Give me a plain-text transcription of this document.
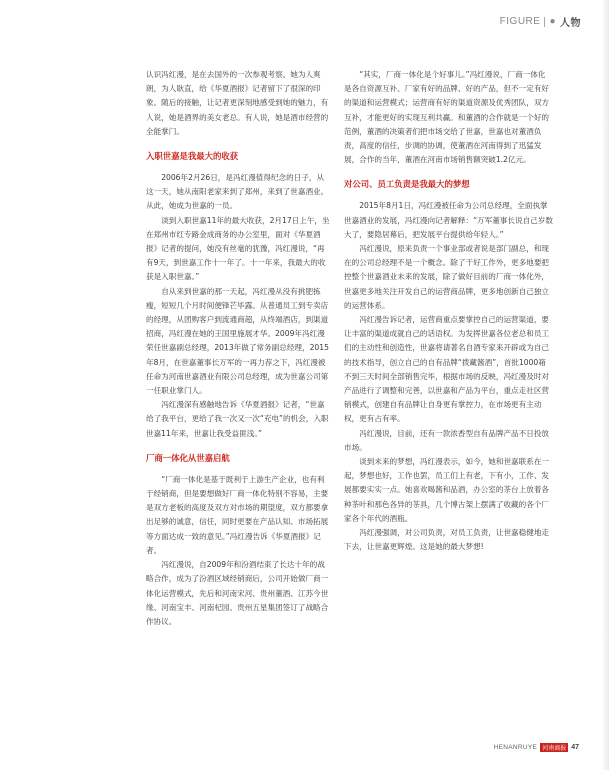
FIGURE ● 人物

认识冯红漫，是在去国外的一次参观考察。她为人爽朗，为人耿直，给《华夏酒报》记者留下了很深的印象。随后的接触，让记者更深刻地感受到她的魅力，有人说，她是酒界的美女老总。有人说，她是酒市经营的全能掌门。

入职世嘉是我最大的收获

2006年2月26日，是冯红漫值得纪念的日子，从这一天，她从南阳老家来到了郑州，来到了世嘉酒业。从此，她成为世嘉的一员。

谈到入职世嘉11年的最大收获，2月17日上午，坐在郑州市红专路金成商务的办公室里，面对《华夏酒报》记者的提问，她没有丝毫的犹豫，冯红漫说，“再有9天，到世嘉工作十一年了。十一年来，我最大的收获是入职世嘉。”

自从来到世嘉的那一天起，冯红漫从没有挑肥拣瘦，短短几个月时间便锋芒毕露。从普通员工到专卖店的经理，从团购客户到流通商超，从终端酒店，到渠道招商，冯红漫在她的王国里施展才华。2009年冯红漫荣任世嘉副总经理，2013年做了常务副总经理，2015年8月，在世嘉董事长万军的一再力荐之下，冯红漫被任命为河南世嘉酒业有限公司总经理，成为世嘉公司第一任职业掌门人。

冯红漫深有感触地告诉《华夏酒报》记者，“世嘉给了我平台，更给了我一次又一次“充电”的机会，入职世嘉11年来，世嘉让我受益匪浅。”

厂商一体化从世嘉启航

“厂商一体化是基于既利于上游生产企业，也有利于经销商，但是要想做好厂商一体化特别不容易，主要是双方老板的高度及双方对市场的期望度，双方都要拿出足够的诚意，信任，同时更要在产品认知、市场拓展等方面达成一致的意见。”冯红漫告诉《华夏酒报》记者。

冯红漫说，自2009年和汾酒结束了长达十年的战略合作，成为了汾酒区域经销商后，公司开始做厂商一体化运营模式，先后和河南宋河、贵州董酒、江苏今世缘、河南宝丰、河南杞园、贵州五星集团签订了战略合作协议。

“其实，厂商一体化是个好事儿。”冯红漫说，厂商一体化是各自资源互补、厂家有好的品牌、好的产品，但不一定有好的渠道和运营模式；运营商有好的渠道资源及优秀团队，双方互补，才能更好的实现互利共赢。和董酒的合作就是一个好的范例，董酒的决策者们把市场交给了世嘉，世嘉也对董酒负责，高度的信任，步调的协调，使董酒在河南得到了迅猛发展，合作的当年，董酒在河南市场销售额突破1.2亿元。

对公司、员工负责是我最大的梦想

2015年8月1日，冯红漫被任命为公司总经理，全面执掌世嘉酒业的发展，冯红漫向记者解释：“万军董事长说自己岁数大了，要隐居幕后，把发展平台提供给年轻人。”

冯红漫说，原来负责一个事业部或者说是部门副总，和现在的公司总经理不是一个概念。除了干好工作外，更多地要把控整个世嘉酒业未来的发展，除了做好目前的厂商一体化外，世嘉更多地关注开发自己的运营商品牌，更多地创新自己独立的运营体系。

冯红漫告诉记者，运营商重点要掌控自己的运营渠道，要让丰富的渠道成就自己的话语权。为发挥世嘉各位老总和员工们的主动性和创造性，世嘉将请著名自酒专家来开辟或为自己的技术指导，创立自己的自有品牌“拨藏酱酒”，首批1000箱不到三天时间全部销售完毕，根据市场的反映，冯红漫及时对产品进行了调整和完善，以世嘉和产品为平台，重点走社区营销模式，创建自有品牌让自身更有掌控力，在市场更有主动权，更有占有率。

冯红漫说，目前，还有一款浓香型自有品牌产品不日投放市场。

谈到未来的梦想，冯红漫表示，如今，她和世嘉联系在一起，梦想也好，工作也罢，员工们上有老，下有小，工作、发展都要实实一点。她喜欢喝酱和品酒，办公室的茶台上放着各种茶叶和那色各异的茶具，几个博古架上摆满了收藏的各个厂家各个年代的酒瓶。

冯红漫强调，对公司负责，对员工负责，让世嘉稳健地走下去，让世嘉更辉煌。这是她的最大梦想!

HENANRUYE 河南商报 47
